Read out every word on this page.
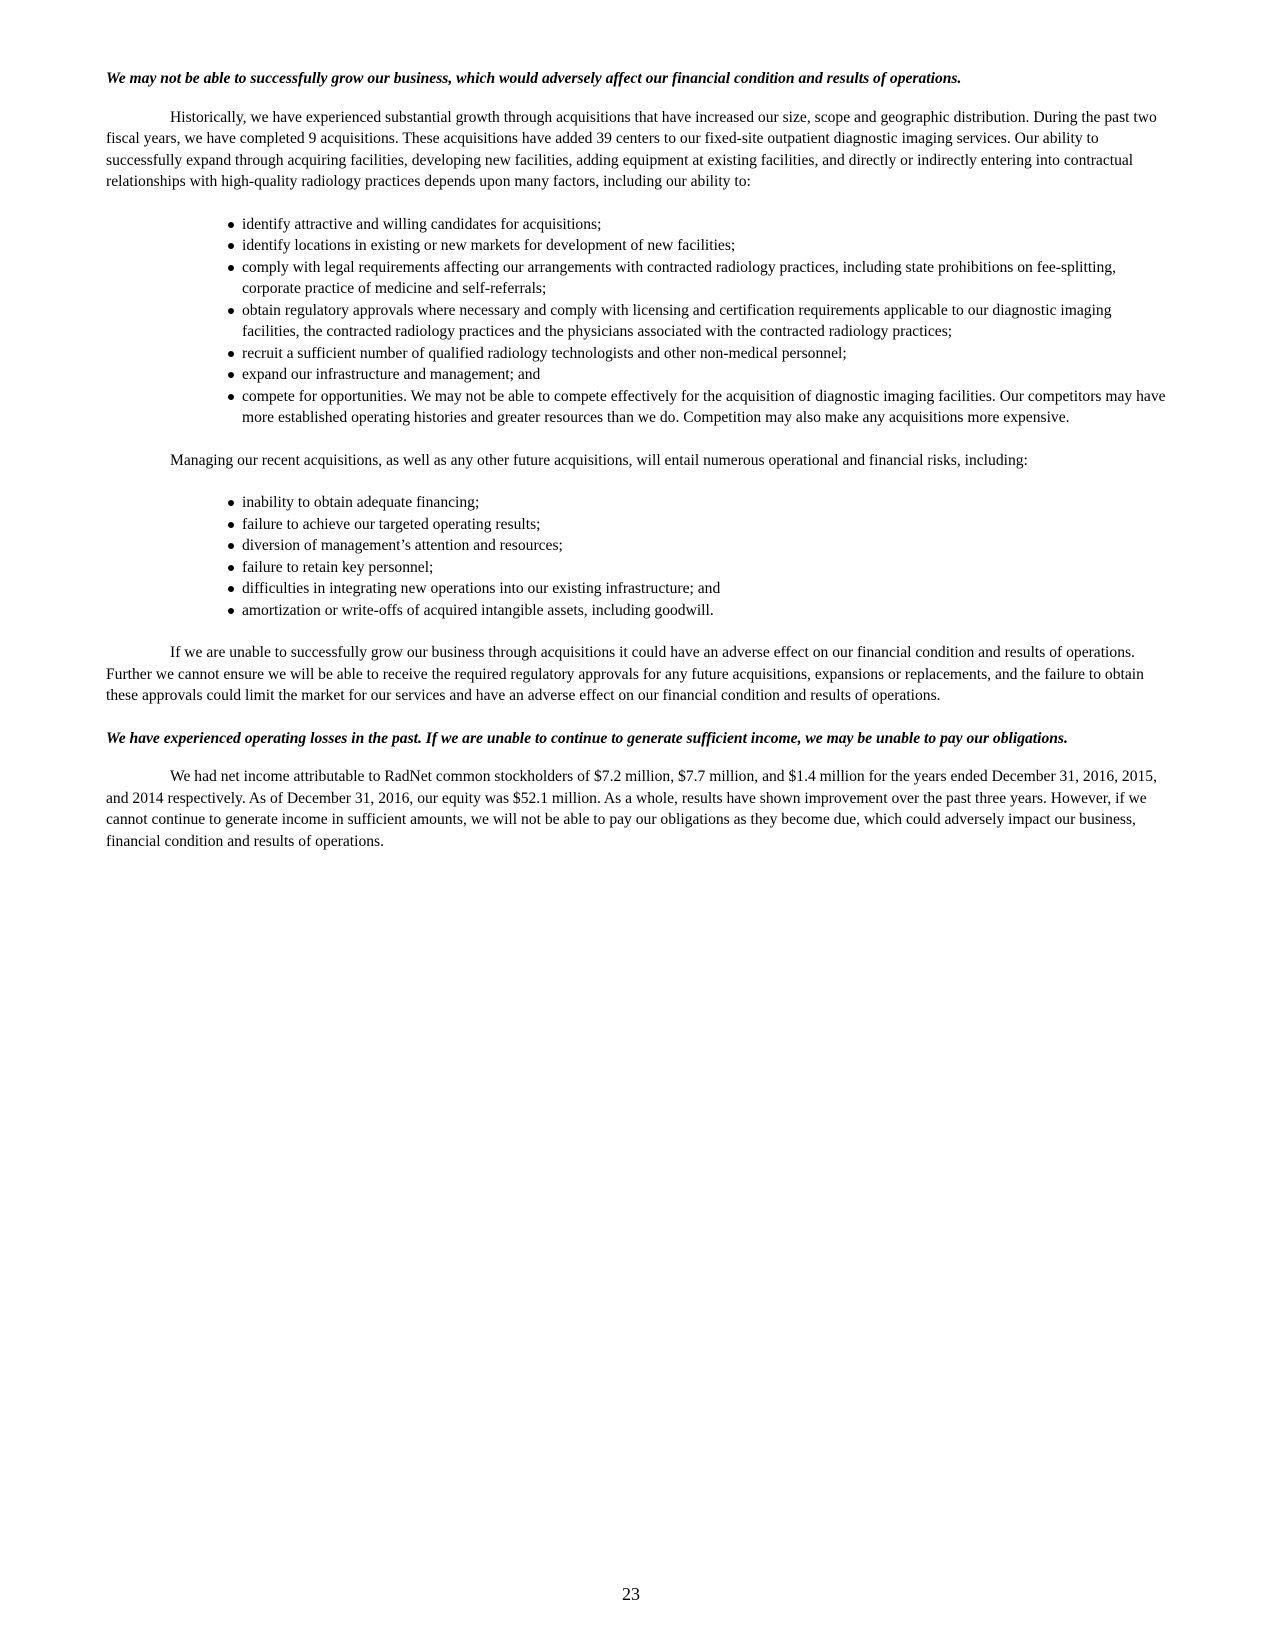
We may not be able to successfully grow our business, which would adversely affect our financial condition and results of operations.

Historically, we have experienced substantial growth through acquisitions that have increased our size, scope and geographic distribution. During the past two fiscal years, we have completed 9 acquisitions. These acquisitions have added 39 centers to our fixed-site outpatient diagnostic imaging services. Our ability to successfully expand through acquiring facilities, developing new facilities, adding equipment at existing facilities, and directly or indirectly entering into contractual relationships with high-quality radiology practices depends upon many factors, including our ability to:

identify attractive and willing candidates for acquisitions;
identify locations in existing or new markets for development of new facilities;
comply with legal requirements affecting our arrangements with contracted radiology practices, including state prohibitions on fee-splitting, corporate practice of medicine and self-referrals;
obtain regulatory approvals where necessary and comply with licensing and certification requirements applicable to our diagnostic imaging facilities, the contracted radiology practices and the physicians associated with the contracted radiology practices;
recruit a sufficient number of qualified radiology technologists and other non-medical personnel;
expand our infrastructure and management; and
compete for opportunities. We may not be able to compete effectively for the acquisition of diagnostic imaging facilities. Our competitors may have more established operating histories and greater resources than we do. Competition may also make any acquisitions more expensive.

Managing our recent acquisitions, as well as any other future acquisitions, will entail numerous operational and financial risks, including:

inability to obtain adequate financing;
failure to achieve our targeted operating results;
diversion of management’s attention and resources;
failure to retain key personnel;
difficulties in integrating new operations into our existing infrastructure; and
amortization or write-offs of acquired intangible assets, including goodwill.

If we are unable to successfully grow our business through acquisitions it could have an adverse effect on our financial condition and results of operations. Further we cannot ensure we will be able to receive the required regulatory approvals for any future acquisitions, expansions or replacements, and the failure to obtain these approvals could limit the market for our services and have an adverse effect on our financial condition and results of operations.

We have experienced operating losses in the past. If we are unable to continue to generate sufficient income, we may be unable to pay our obligations.

We had net income attributable to RadNet common stockholders of $7.2 million, $7.7 million, and $1.4 million for the years ended December 31, 2016, 2015, and 2014 respectively. As of December 31, 2016, our equity was $52.1 million. As a whole, results have shown improvement over the past three years. However, if we cannot continue to generate income in sufficient amounts, we will not be able to pay our obligations as they become due, which could adversely impact our business, financial condition and results of operations.

23
